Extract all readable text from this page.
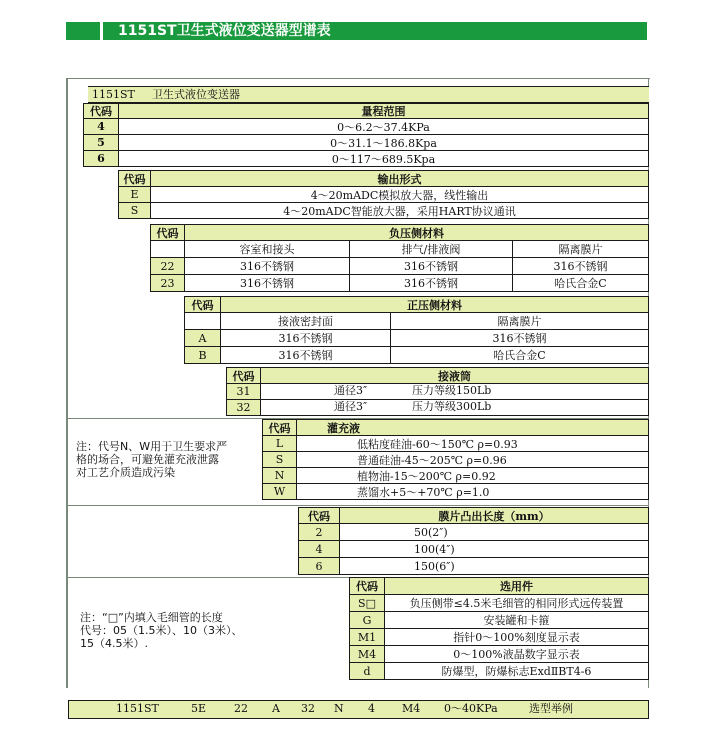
1151ST卫生式液位变送器型谱表
1151ST 卫生式液位变送器
代码	量程范围
4	0～6.2～37.4KPa
5	0～31.1～186.8Kpa
6	0～117～689.5Kpa
代码	输出形式
E	4～20mADC模拟放大器，线性输出
S	4～20mADC智能放大器，采用HART协议通讯
代码	负压侧材料
容室和接头	排气/排液阀	隔离膜片
22	316不锈钢	316不锈钢	316不锈钢
23	316不锈钢	316不锈钢	哈氏合金C
代码	正压侧材料
接液密封面	隔离膜片
A	316不锈钢	316不锈钢
B	316不锈钢	哈氏合金C
代码	接液筒
31	通径3″	压力等级150Lb
32	通径3″	压力等级300Lb
注：代号N、W用于卫生要求严
格的场合，可避免灌充液泄露
对工艺介质造成污染
代码	灌充液
L	低粘度硅油-60～150℃ ρ=0.93
S	普通硅油-45～205℃ ρ=0.96
N	植物油-15～200℃ ρ=0.92
W	蒸馏水+5～+70℃ ρ=1.0
代码	膜片凸出长度（mm）
2	50(2″)
4	100(4″)
6	150(6″)
注：“□”内填入毛细管的长度
代号：05（1.5米）、10（3米）、
15（4.5米）.
代码	选用件
S□	负压侧带≤4.5米毛细管的相同形式远传装置
G	安装罐和卡箍
M1	指针0～100%刻度显示表
M4	0～100%液晶数字显示表
d	防爆型，防爆标志ExdⅡBT4-6
1151ST	5E	22 A 32 N 4 M4 0～40KPa	选型举例
